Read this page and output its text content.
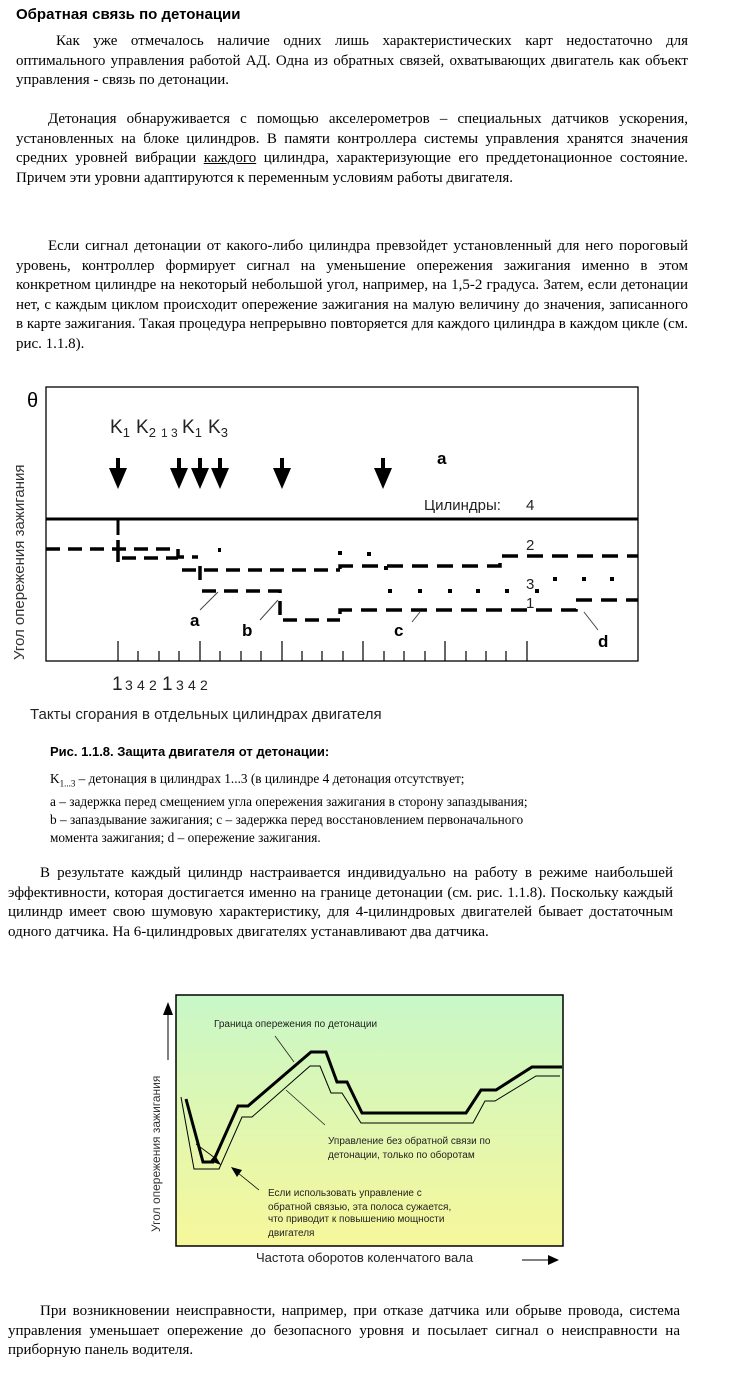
Обратная связь по детонации
Как уже отмечалось наличие одних лишь характеристических карт недостаточно для оптимального управления работой АД. Одна из обратных связей, охватывающих двигатель как объект управления - связь по детонации.
Детонация обнаруживается с помощью акселерометров – специальных датчиков ускорения, установленных на блоке цилиндров. В памяти контроллера системы управления хранятся значения средних уровней вибрации каждого цилиндра, характеризующие его преддетонационное состояние. Причем эти уровни адаптируются к переменным условиям работы двигателя.
Если сигнал детонации от какого-либо цилиндра превзойдет установленный для него пороговый уровень, контроллер формирует сигнал на уменьшение опережения зажигания именно в этом конкретном цилиндре на некоторый небольшой угол, например, на 1,5-2 градуса. Затем, если детонации нет, с каждым циклом происходит опережение зажигания на малую величину до значения, записанного в карте зажигания. Такая процедура непрерывно повторяется для каждого цилиндра в каждом цикле (см. рис. 1.1.8).
θ
Угол опережения зажигания
$K_1$ $K_2$ 1 3 $K_1$ $K_3$
a
Цилиндры: 4
2
3
1
a
b	c
d
1 3 4 2 1 3 4 2
Такты сгорания в отдельных цилиндрах двигателя
Рис. 1.1.8. Защита двигателя от детонации:
$K_{1...3}$ – детонация в цилиндрах 1...3 (в цилиндре 4 детонация отсутствует;
a – задержка перед смещением угла опережения зажигания в сторону запаздывания;
b – запаздывание зажигания; c – задержка перед восстановлением первоначального
момента зажигания; d – опережение зажигания.
В результате каждый цилиндр настраивается индивидуально на работу в режиме наибольшей эффективности, которая достигается именно на границе детонации (см. рис. 1.1.8). Поскольку каждый цилиндр имеет свою шумовую характеристику, для 4-цилиндровых двигателей бывает достаточным одного датчика. На 6-цилиндровых двигателях устанавливают два датчика.
Угол опережения зажигания
Граница опережения по детонации
Управление без обратной связи по
детонации, только по оборотам
Если использовать управление с
обратной связью, эта полоса сужается,
что приводит к повышению мощности
двигателя
Частота оборотов коленчатого вала
При возникновении неисправности, например, при отказе датчика или обрыве провода, система управления уменьшает опережение до безопасного уровня и посылает сигнал о неисправности на приборную панель водителя.
